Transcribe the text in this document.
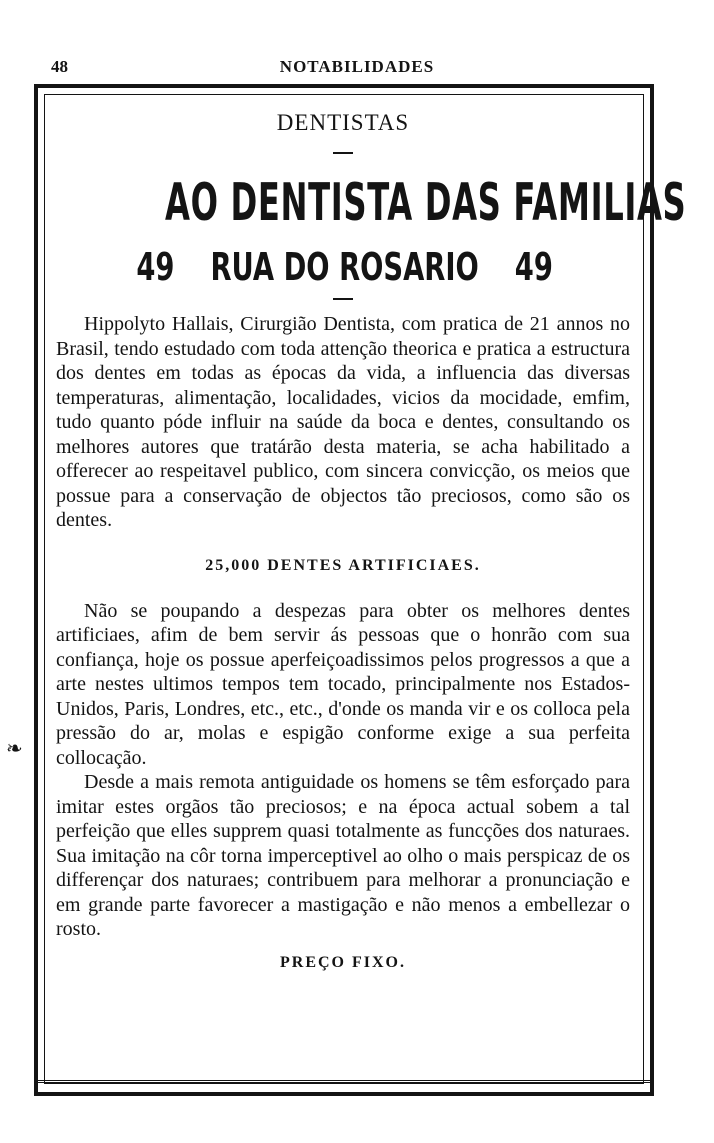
48	NOTABILIDADES
❧
DENTISTAS
AO DENTISTA DAS FAMILIAS
49 RUA DO ROSARIO 49

Hippolyto Hallais, Cirurgião Dentista, com pratica de 21 annos no Brasil, tendo estudado com toda attenção theorica e pratica a estructura dos dentes em todas as épocas da vida, a influencia das diversas temperaturas, alimentação, localidades, vicios da mocidade, emfim, tudo quanto póde influir na saúde da boca e dentes, consultando os melhores autores que tratárão desta materia, se acha habilitado a offerecer ao respeitavel publico, com sincera convicção, os meios que possue para a conservação de objectos tão preciosos, como são os dentes.

25,000 DENTES ARTIFICIAES.

Não se poupando a despezas para obter os melhores dentes artificiaes, afim de bem servir ás pessoas que o honrão com sua confiança, hoje os possue aperfeiçoadissimos pelos progressos a que a arte nestes ultimos tempos tem tocado, principalmente nos Estados-Unidos, Paris, Londres, etc., etc., d'onde os manda vir e os colloca pela pressão do ar, molas e espigão conforme exige a sua perfeita collocação.

Desde a mais remota antiguidade os homens se têm esforçado para imitar estes orgãos tão preciosos; e na época actual sobem a tal perfeição que elles supprem quasi totalmente as funcções dos naturaes. Sua imitação na côr torna imperceptivel ao olho o mais perspicaz de os differençar dos naturaes; contribuem para melhorar a pronunciação e em grande parte favorecer a mastigação e não menos a embellezar o rosto.

PREÇO FIXO.
